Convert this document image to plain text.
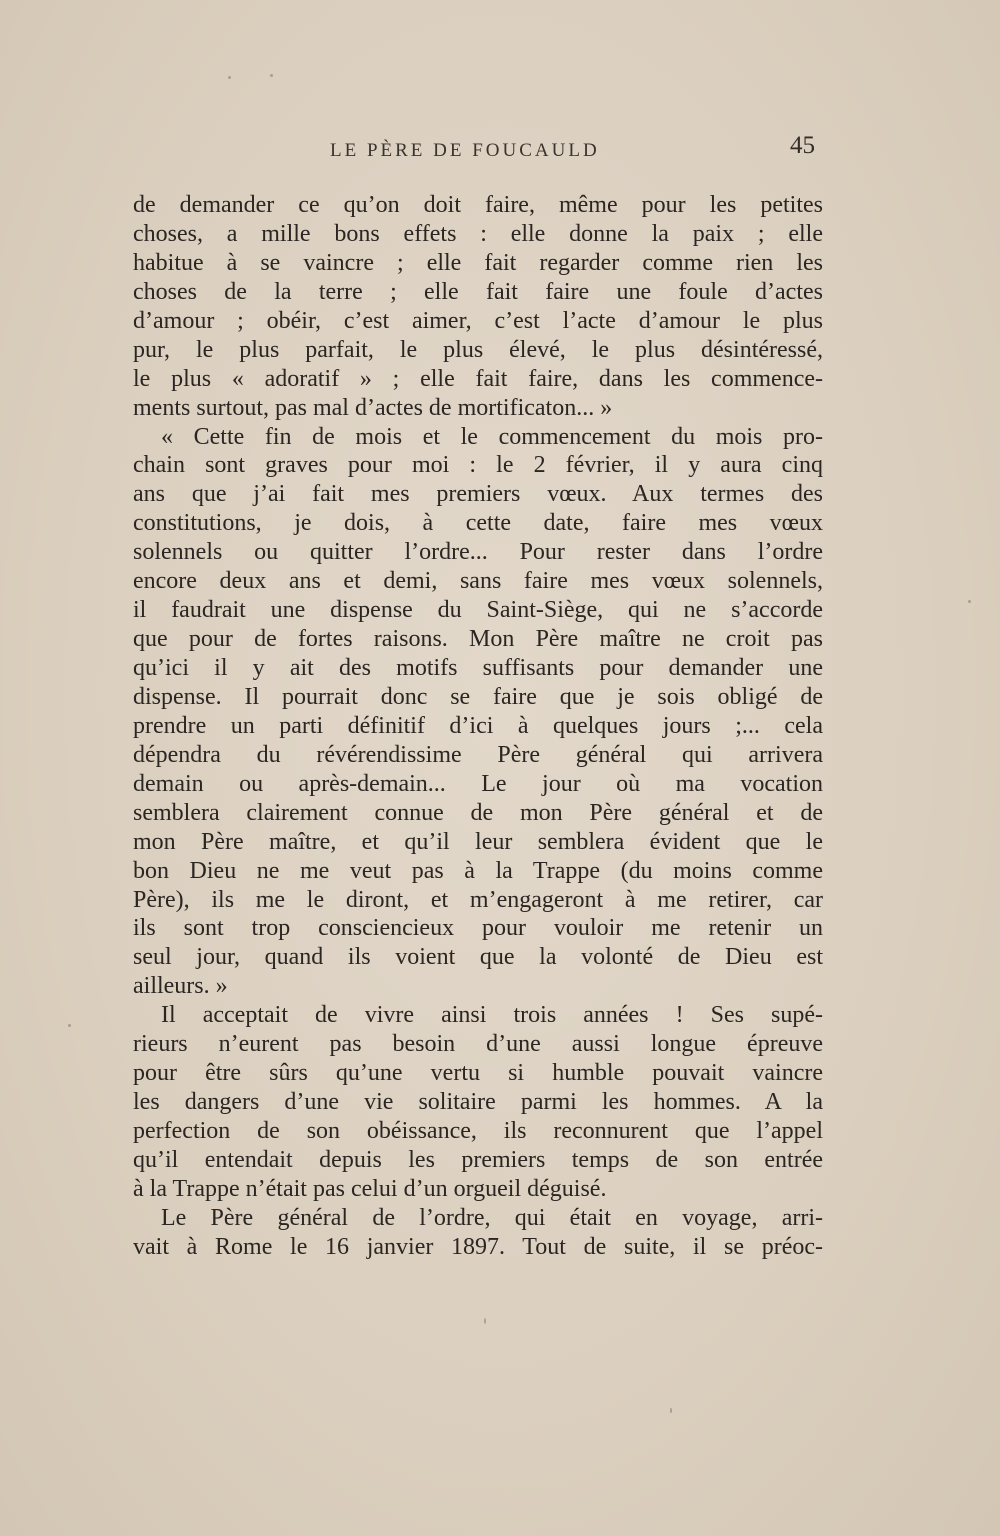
LE PÈRE DE FOUCAULD	45
de demander ce qu’on doit faire, même pour les petites
choses, a mille bons effets : elle donne la paix ; elle
habitue à se vaincre ; elle fait regarder comme rien les
choses de la terre ; elle fait faire une foule d’actes
d’amour ; obéir, c’est aimer, c’est l’acte d’amour le plus
pur, le plus parfait, le plus élevé, le plus désintéressé,
le plus « adoratif » ; elle fait faire, dans les commence-
ments surtout, pas mal d’actes de mortificaton... »
« Cette fin de mois et le commencement du mois pro-
chain sont graves pour moi : le 2 février, il y aura cinq
ans que j’ai fait mes premiers vœux. Aux termes des
constitutions, je dois, à cette date, faire mes vœux
solennels ou quitter l’ordre... Pour rester dans l’ordre
encore deux ans et demi, sans faire mes vœux solennels,
il faudrait une dispense du Saint-Siège, qui ne s’accorde
que pour de fortes raisons. Mon Père maître ne croit pas
qu’ici il y ait des motifs suffisants pour demander une
dispense. Il pourrait donc se faire que je sois obligé de
prendre un parti définitif d’ici à quelques jours ;... cela
dépendra du révérendissime Père général qui arrivera
demain ou après-demain... Le jour où ma vocation
semblera clairement connue de mon Père général et de
mon Père maître, et qu’il leur semblera évident que le
bon Dieu ne me veut pas à la Trappe (du moins comme
Père), ils me le diront, et m’engageront à me retirer, car
ils sont trop consciencieux pour vouloir me retenir un
seul jour, quand ils voient que la volonté de Dieu est
ailleurs. »
Il acceptait de vivre ainsi trois années ! Ses supé-
rieurs n’eurent pas besoin d’une aussi longue épreuve
pour être sûrs qu’une vertu si humble pouvait vaincre
les dangers d’une vie solitaire parmi les hommes. A la
perfection de son obéissance, ils reconnurent que l’appel
qu’il entendait depuis les premiers temps de son entrée
à la Trappe n’était pas celui d’un orgueil déguisé.
Le Père général de l’ordre, qui était en voyage, arri-
vait à Rome le 16 janvier 1897. Tout de suite, il se préoc-
